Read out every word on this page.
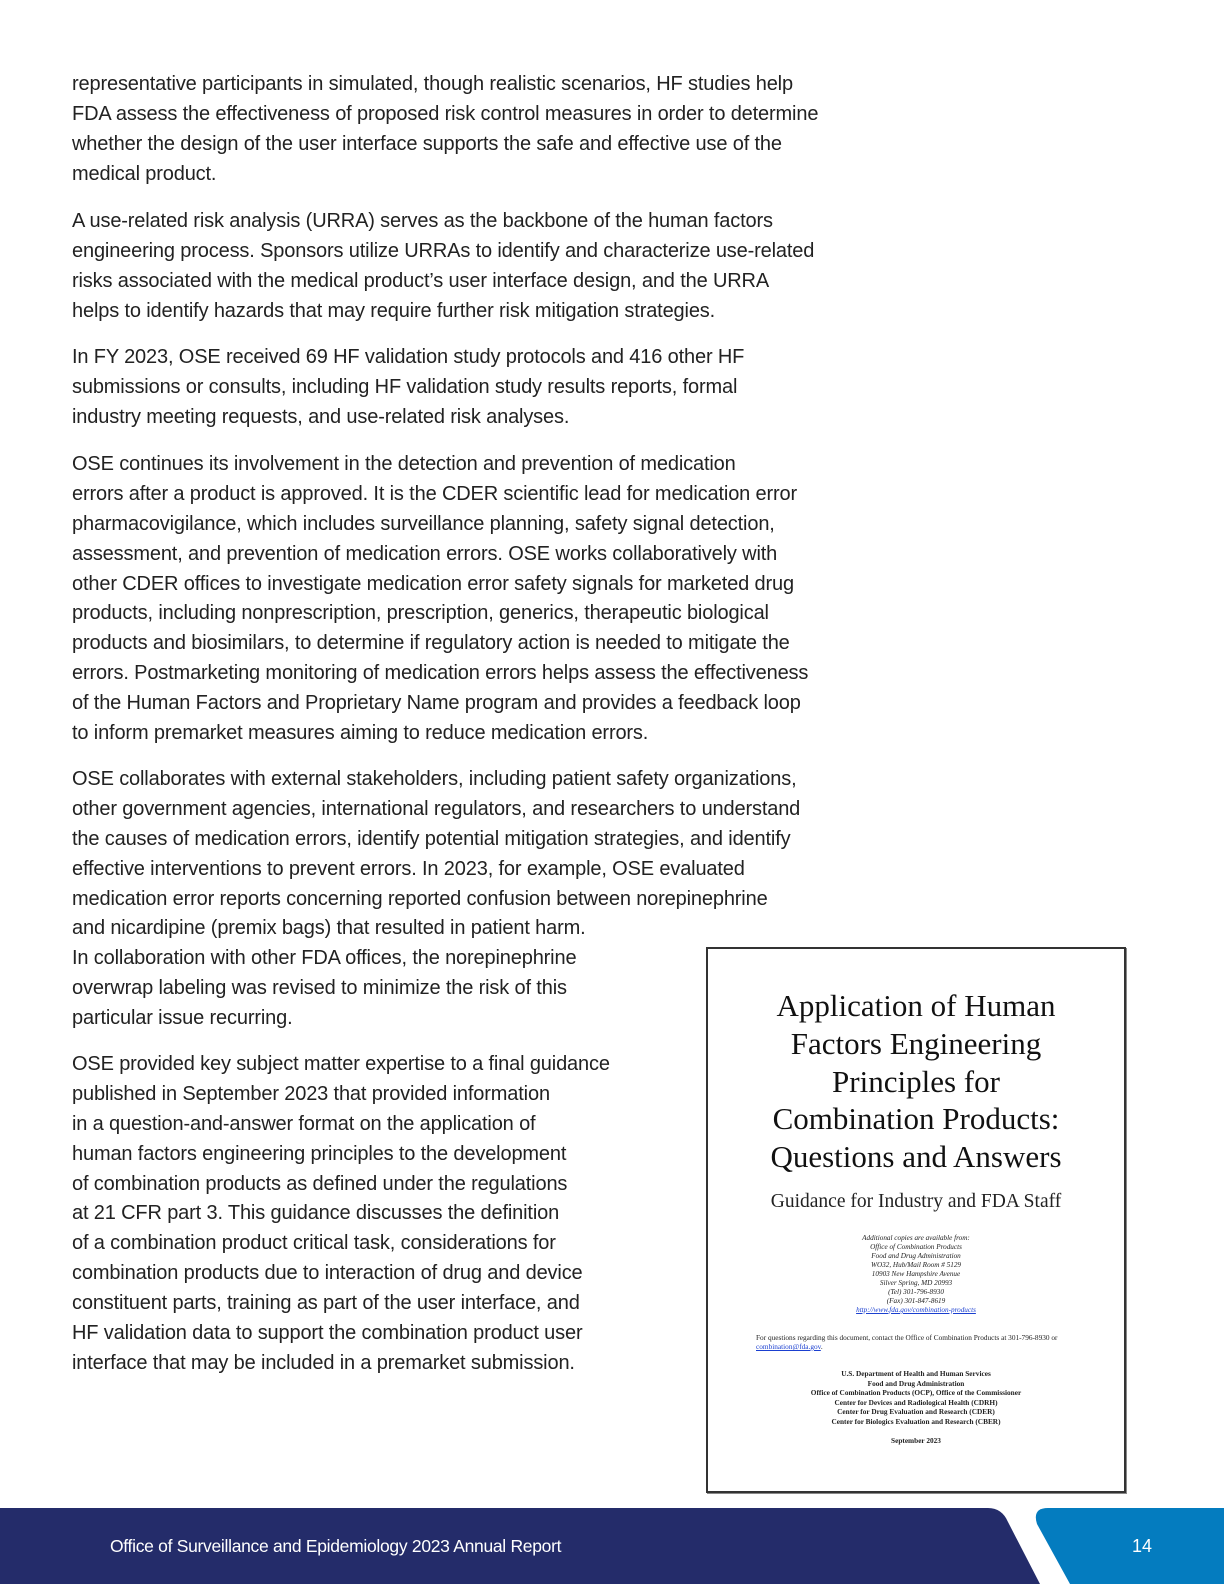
representative participants in simulated, though realistic scenarios, HF studies help
FDA assess the effectiveness of proposed risk control measures in order to determine
whether the design of the user interface supports the safe and effective use of the
medical product.
A use-related risk analysis (URRA) serves as the backbone of the human factors
engineering process. Sponsors utilize URRAs to identify and characterize use-related
risks associated with the medical product’s user interface design, and the URRA
helps to identify hazards that may require further risk mitigation strategies.
In FY 2023, OSE received 69 HF validation study protocols and 416 other HF
submissions or consults, including HF validation study results reports, formal
industry meeting requests, and use-related risk analyses.
OSE continues its involvement in the detection and prevention of medication
errors after a product is approved. It is the CDER scientific lead for medication error
pharmacovigilance, which includes surveillance planning, safety signal detection,
assessment, and prevention of medication errors. OSE works collaboratively with
other CDER offices to investigate medication error safety signals for marketed drug
products, including nonprescription, prescription, generics, therapeutic biological
products and biosimilars, to determine if regulatory action is needed to mitigate the
errors. Postmarketing monitoring of medication errors helps assess the effectiveness
of the Human Factors and Proprietary Name program and provides a feedback loop
to inform premarket measures aiming to reduce medication errors.
OSE collaborates with external stakeholders, including patient safety organizations,
other government agencies, international regulators, and researchers to understand
the causes of medication errors, identify potential mitigation strategies, and identify
effective interventions to prevent errors. In 2023, for example, OSE evaluated
medication error reports concerning reported confusion between norepinephrine
and nicardipine (premix bags) that resulted in patient harm.
In collaboration with other FDA offices, the norepinephrine
overwrap labeling was revised to minimize the risk of this
particular issue recurring.
OSE provided key subject matter expertise to a final guidance
published in September 2023 that provided information
in a question-and-answer format on the application of
human factors engineering principles to the development
of combination products as defined under the regulations
at 21 CFR part 3. This guidance discusses the definition
of a combination product critical task, considerations for
combination products due to interaction of drug and device
constituent parts, training as part of the user interface, and
HF validation data to support the combination product user
interface that may be included in a premarket submission.
Application of Human
Factors Engineering
Principles for
Combination Products:
Questions and Answers
Guidance for Industry and FDA Staff
Additional copies are available from:
Office of Combination Products
Food and Drug Administration
WO32, Hub/Mail Room # 5129
10903 New Hampshire Avenue
Silver Spring, MD 20993
(Tel) 301-796-8930
(Fax) 301-847-8619
http://www.fda.gov/combination-products
For questions regarding this document, contact the Office of Combination Products at 301-796-8930 or combination@fda.gov.
U.S. Department of Health and Human Services
Food and Drug Administration
Office of Combination Products (OCP), Office of the Commissioner
Center for Devices and Radiological Health (CDRH)
Center for Drug Evaluation and Research (CDER)
Center for Biologics Evaluation and Research (CBER)
September 2023
Office of Surveillance and Epidemiology 2023 Annual Report	14
